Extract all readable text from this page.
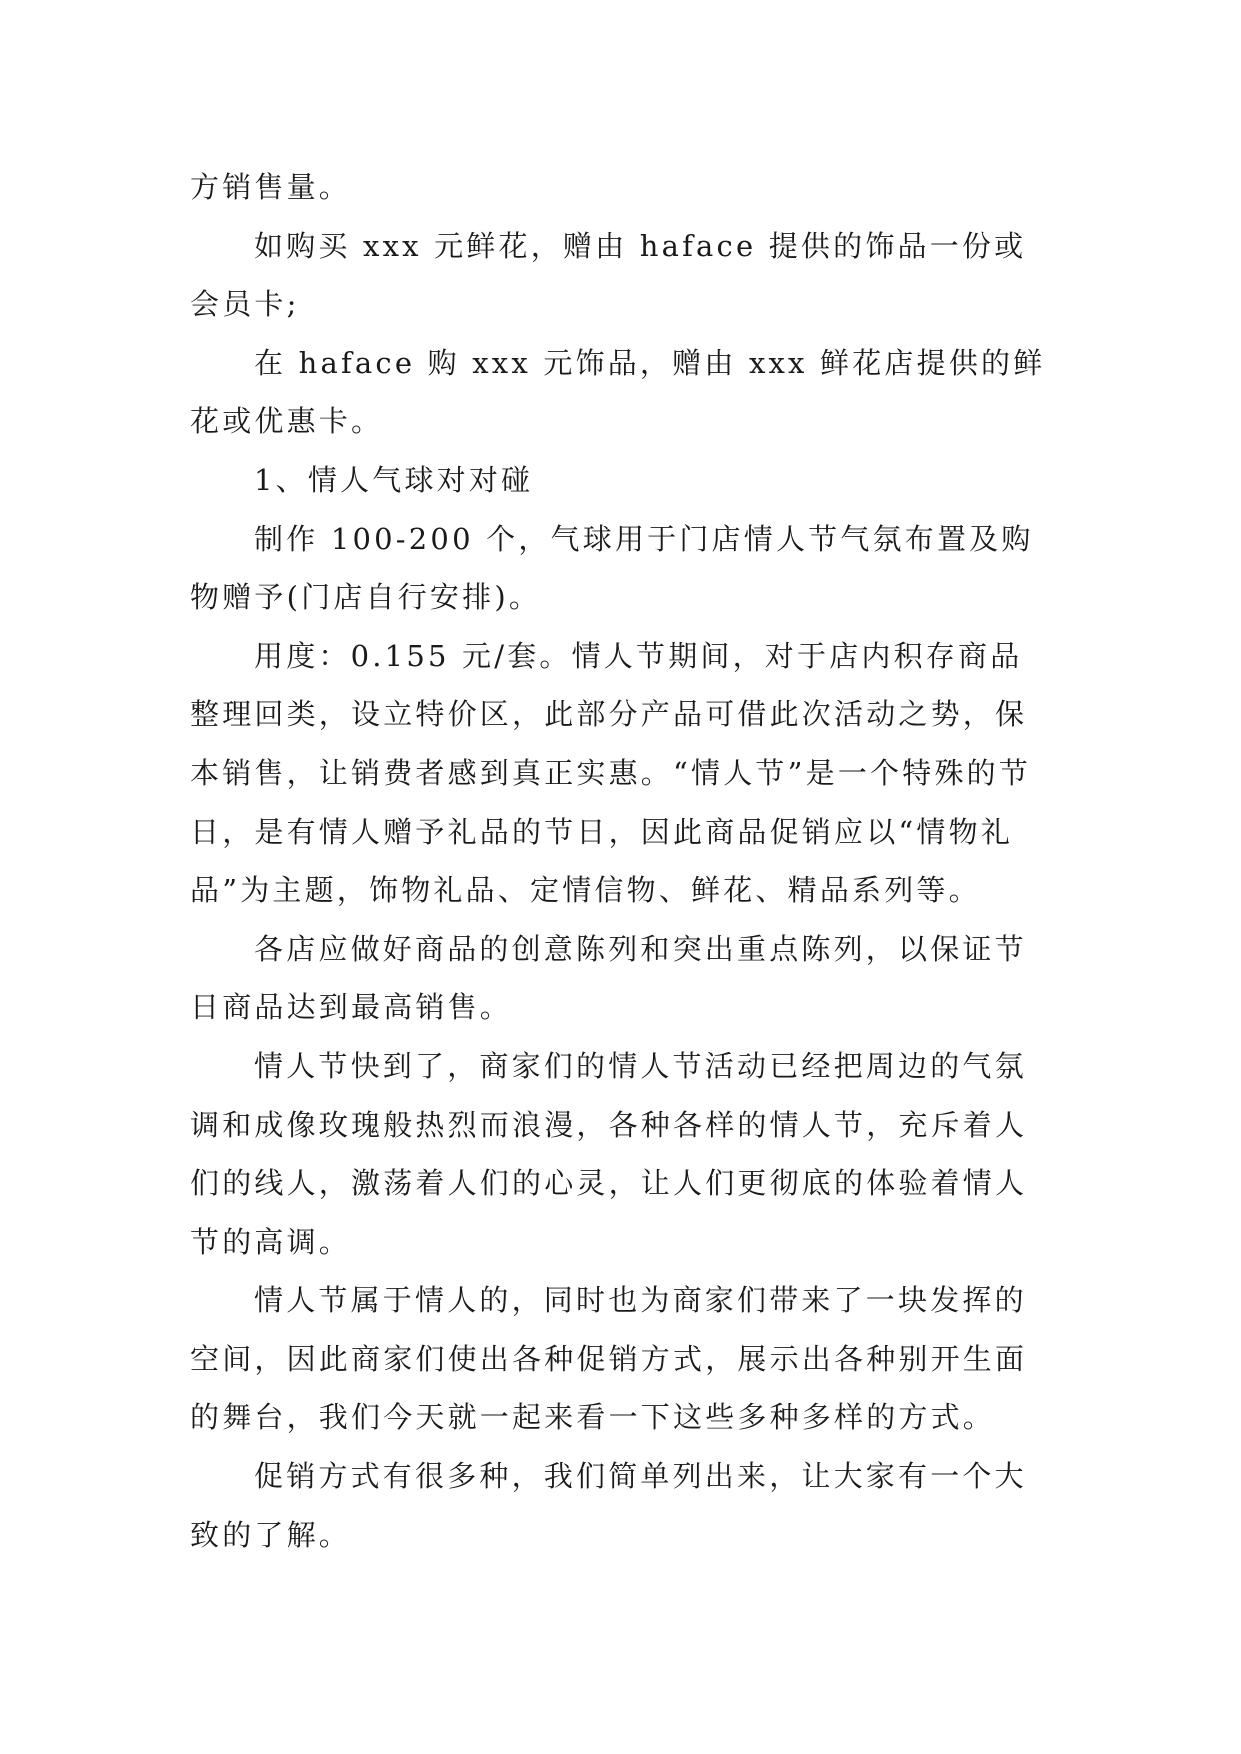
方销售量。

如购买 xxx 元鲜花，赠由 haface 提供的饰品一份或会员卡;

在 haface 购 xxx 元饰品，赠由 xxx 鲜花店提供的鲜花或优惠卡。

1、情人气球对对碰

制作 100-200 个，气球用于门店情人节气氛布置及购物赠予(门店自行安排)。

用度：0.155 元/套。情人节期间，对于店内积存商品整理回类，设立特价区，此部分产品可借此次活动之势，保本销售，让销费者感到真正实惠。“情人节”是一个特殊的节日，是有情人赠予礼品的节日，因此商品促销应以“情物礼品”为主题，饰物礼品、定情信物、鲜花、精品系列等。

各店应做好商品的创意陈列和突出重点陈列，以保证节日商品达到最高销售。

情人节快到了，商家们的情人节活动已经把周边的气氛调和成像玫瑰般热烈而浪漫，各种各样的情人节，充斥着人们的线人，激荡着人们的心灵，让人们更彻底的体验着情人节的高调。

情人节属于情人的，同时也为商家们带来了一块发挥的空间，因此商家们使出各种促销方式，展示出各种别开生面的舞台，我们今天就一起来看一下这些多种多样的方式。

促销方式有很多种，我们简单列出来，让大家有一个大致的了解。
